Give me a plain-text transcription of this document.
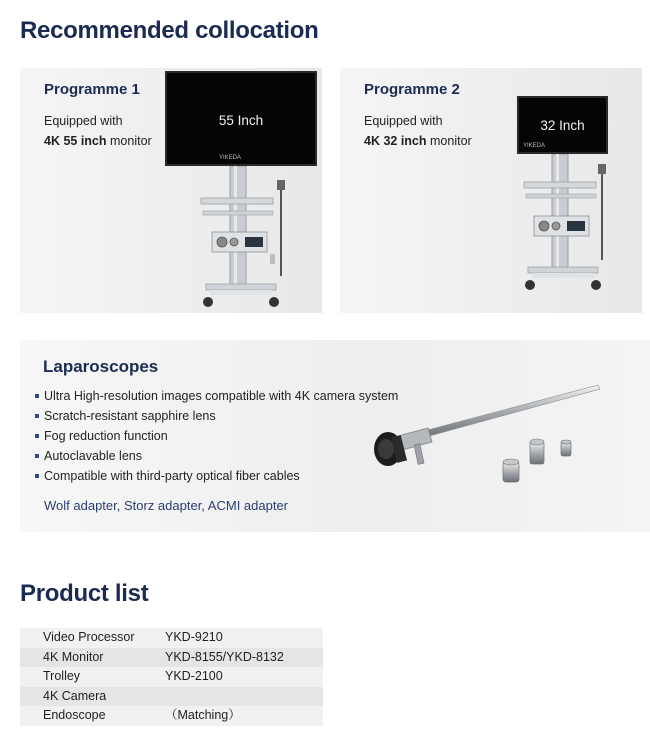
Recommended collocation
Programme 1
Equipped with
4K 55 inch monitor
55 Inch
YIKEDA
Programme 2
Equipped with
4K 32 inch monitor
32 Inch
YIKEDA
Laparoscopes
Ultra High-resolution images compatible with 4K camera system
Scratch-resistant sapphire lens
Fog reduction function
Autoclavable lens
Compatible with third-party optical fiber cables
Wolf adapter, Storz adapter, ACMI adapter
Product list
Video Processor	YKD-9210
4K Monitor	YKD-8155/YKD-8132
Trolley	YKD-2100
4K Camera	
Endoscope	（Matching）
